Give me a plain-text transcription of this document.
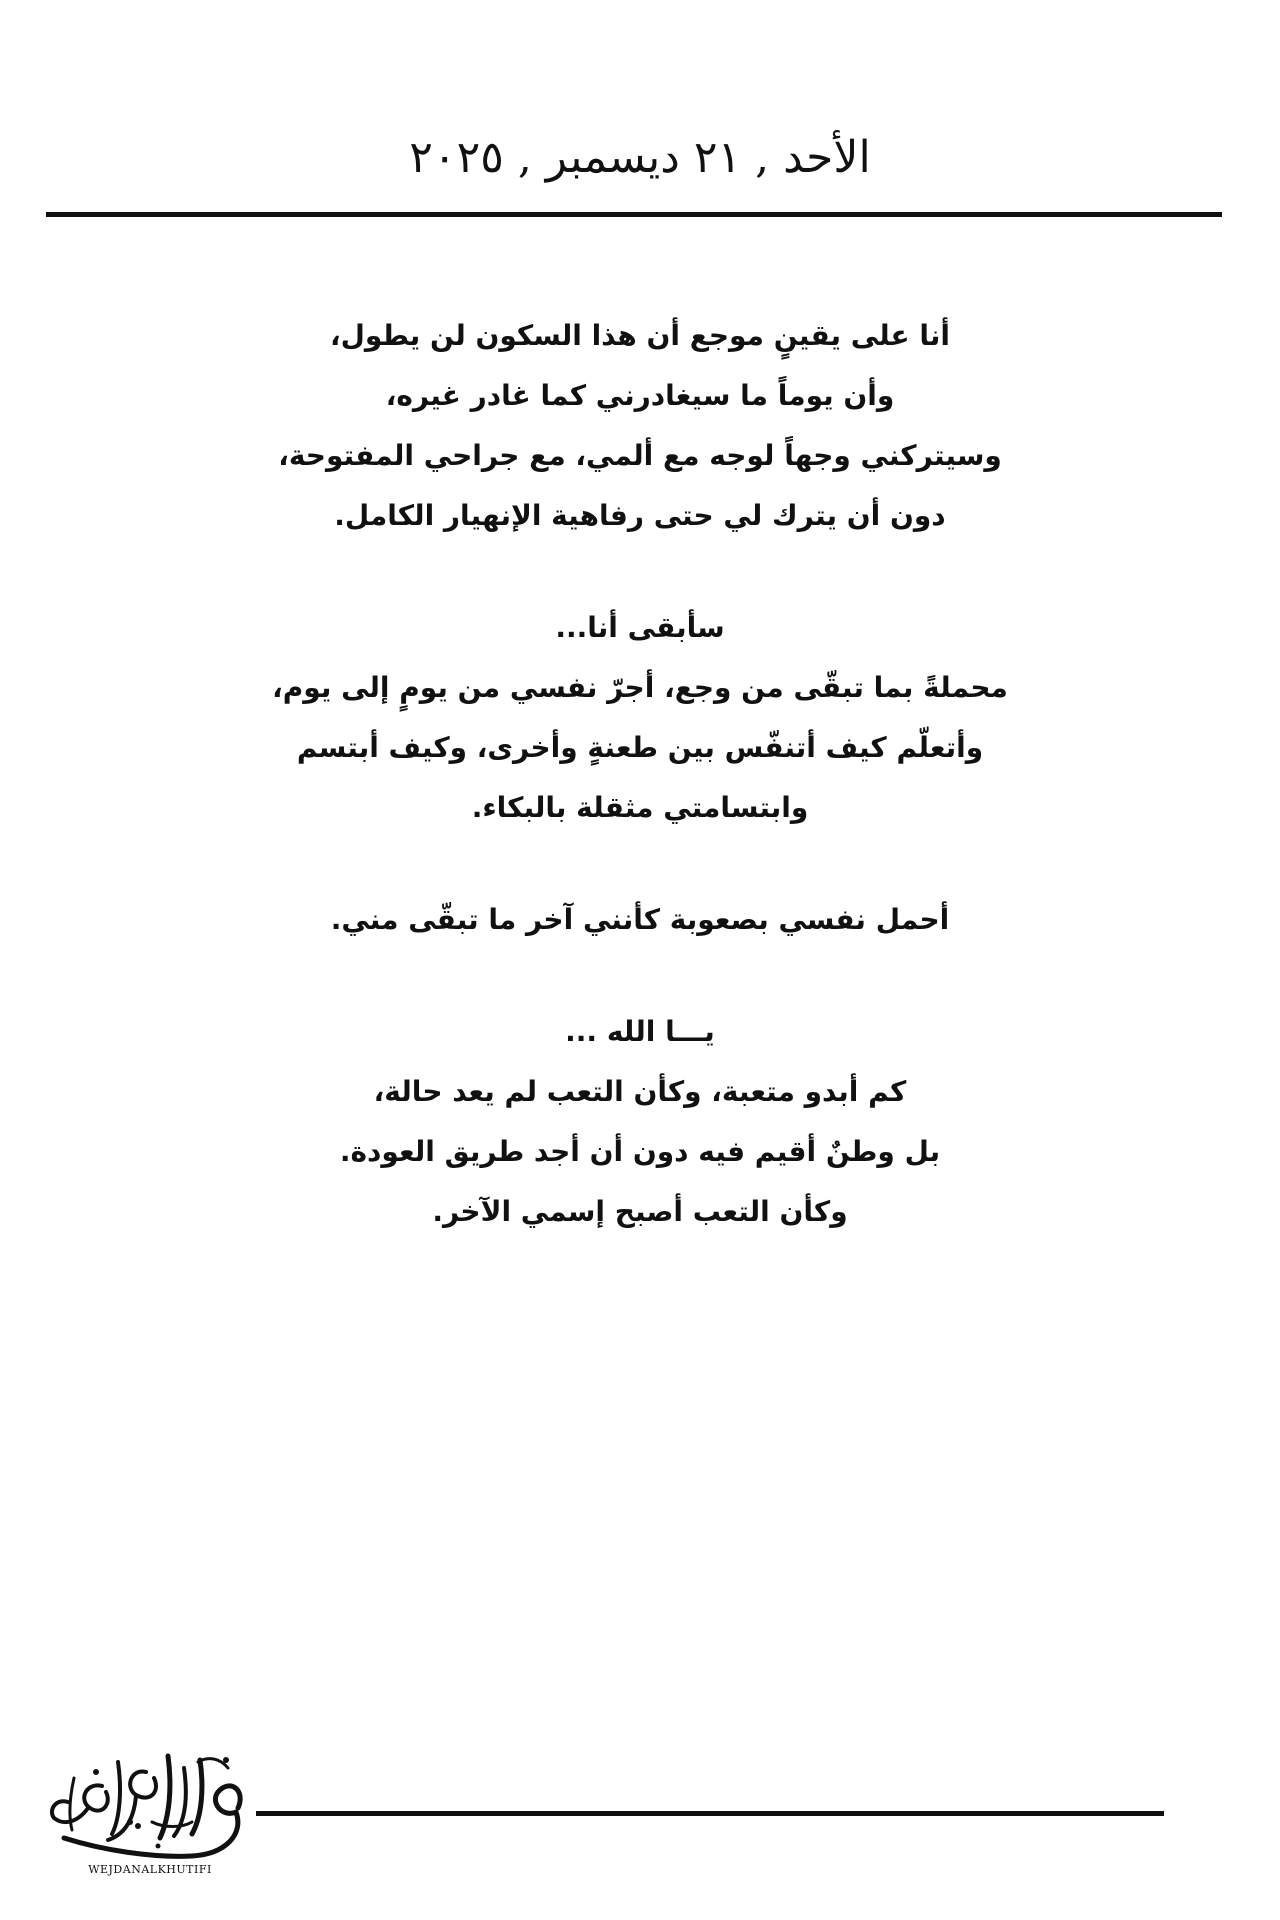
الأحد , ٢١ ديسمبر , ٢٠٢٥
أنا على يقينٍ موجع أن هذا السكون لن يطول،
وأن يوماً ما سيغادرني كما غادر غيره،
وسيتركني وجهاً لوجه مع ألمي، مع جراحي المفتوحة،
دون أن يترك لي حتى رفاهية الإنهيار الكامل.
سأبقى أنا...
محملةً بما تبقّى من وجع، أجرّ نفسي من يومٍ إلى يوم،
وأتعلّم كيف أتنفّس بين طعنةٍ وأخرى، وكيف أبتسم
وابتسامتي مثقلة بالبكاء.
أحمل نفسي بصعوبة كأنني آخر ما تبقّى مني.
يـــا الله ...
كم أبدو متعبة، وكأن التعب لم يعد حالة،
بل وطنٌ أقيم فيه دون أن أجد طريق العودة.
وكأن التعب أصبح إسمي الآخر.
WEJDANALKHUTIFI
